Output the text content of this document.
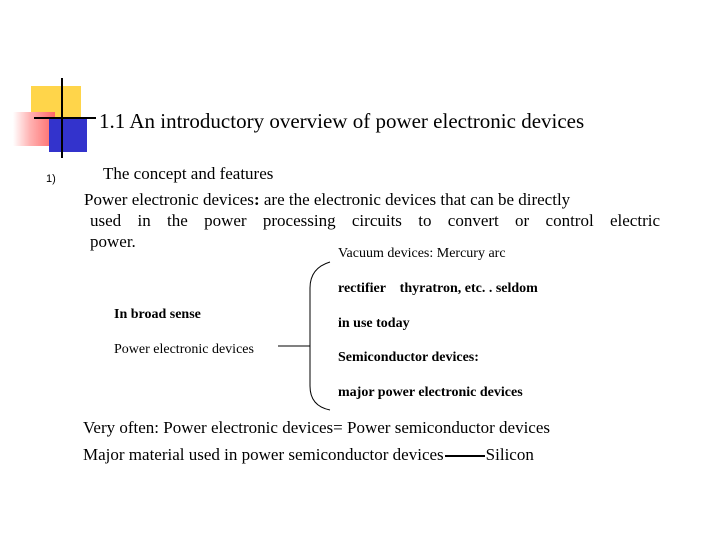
1.1 An introductory overview of power electronic devices
1)	The concept and features
Power electronic devices: are the electronic devices that can be directly
used in the power processing circuits to convert or control electric
power.
In broad sense
Power electronic devices
Vacuum devices: Mercury arc
rectifier    thyratron, etc. . seldom
in use today
Semiconductor devices:
major power electronic devices
Very often: Power electronic devices= Power semiconductor devices
Major material used in power semiconductor devices Silicon
